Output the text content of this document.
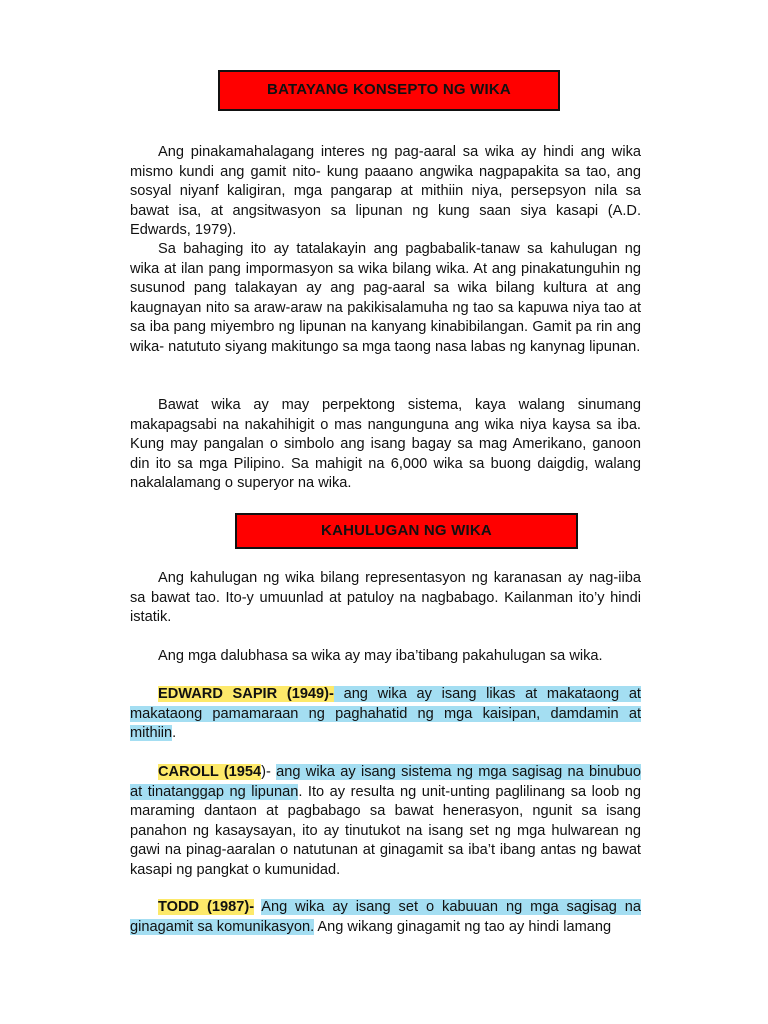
BATAYANG KONSEPTO NG WIKA
Ang pinakamahalagang interes ng pag-aaral sa wika ay hindi ang wika mismo kundi ang gamit nito- kung paaano angwika nagpapakita sa tao, ang sosyal niyanf kaligiran, mga pangarap at mithiin niya, persepsyon nila sa bawat isa, at angsitwasyon sa lipunan ng kung saan siya kasapi (A.D. Edwards, 1979).
Sa bahaging ito ay tatalakayin ang pagbabalik-tanaw sa kahulugan ng wika at ilan pang impormasyon sa wika bilang wika. At ang pinakatunguhin ng susunod pang talakayan ay ang pag-aaral sa wika bilang kultura at ang kaugnayan nito sa araw-araw na pakikisalamuha ng tao sa kapuwa niya tao at sa iba pang miyembro ng lipunan na kanyang kinabibilangan. Gamit pa rin ang wika- natututo siyang makitungo sa mga taong nasa labas ng kanynag lipunan.
Bawat wika ay may perpektong sistema, kaya walang sinumang makapagsabi na nakahihigit o mas nangunguna ang wika niya kaysa sa iba. Kung may pangalan o simbolo ang isang bagay sa mag Amerikano, ganoon din ito sa mga Pilipino. Sa mahigit na 6,000 wika sa buong daigdig, walang nakalalamang o superyor na wika.
KAHULUGAN NG WIKA
Ang kahulugan ng wika bilang representasyon ng karanasan ay nag-iiba sa bawat tao. Ito-y umuunlad at patuloy na nagbabago. Kailanman ito’y hindi istatik.
Ang mga dalubhasa sa wika ay may iba’tibang pakahulugan sa wika.
EDWARD SAPIR (1949)- ang wika ay isang likas at makataong at makataong pamamaraan ng paghahatid ng mga kaisipan, damdamin at mithiin.
CAROLL (1954)- ang wika ay isang sistema ng mga sagisag na binubuo at tinatanggap ng lipunan. Ito ay resulta ng unit-unting paglilinang sa loob ng maraming dantaon at pagbabago sa bawat henerasyon, ngunit sa isang panahon ng kasaysayan, ito ay tinutukot na isang set ng mga hulwarean ng gawi na pinag-aaralan o natutunan at ginagamit sa iba’t ibang antas ng bawat kasapi ng pangkat o kumunidad.
TODD (1987)- Ang wika ay isang set o kabuuan ng mga sagisag na ginagamit sa komunikasyon. Ang wikang ginagamit ng tao ay hindi lamang
